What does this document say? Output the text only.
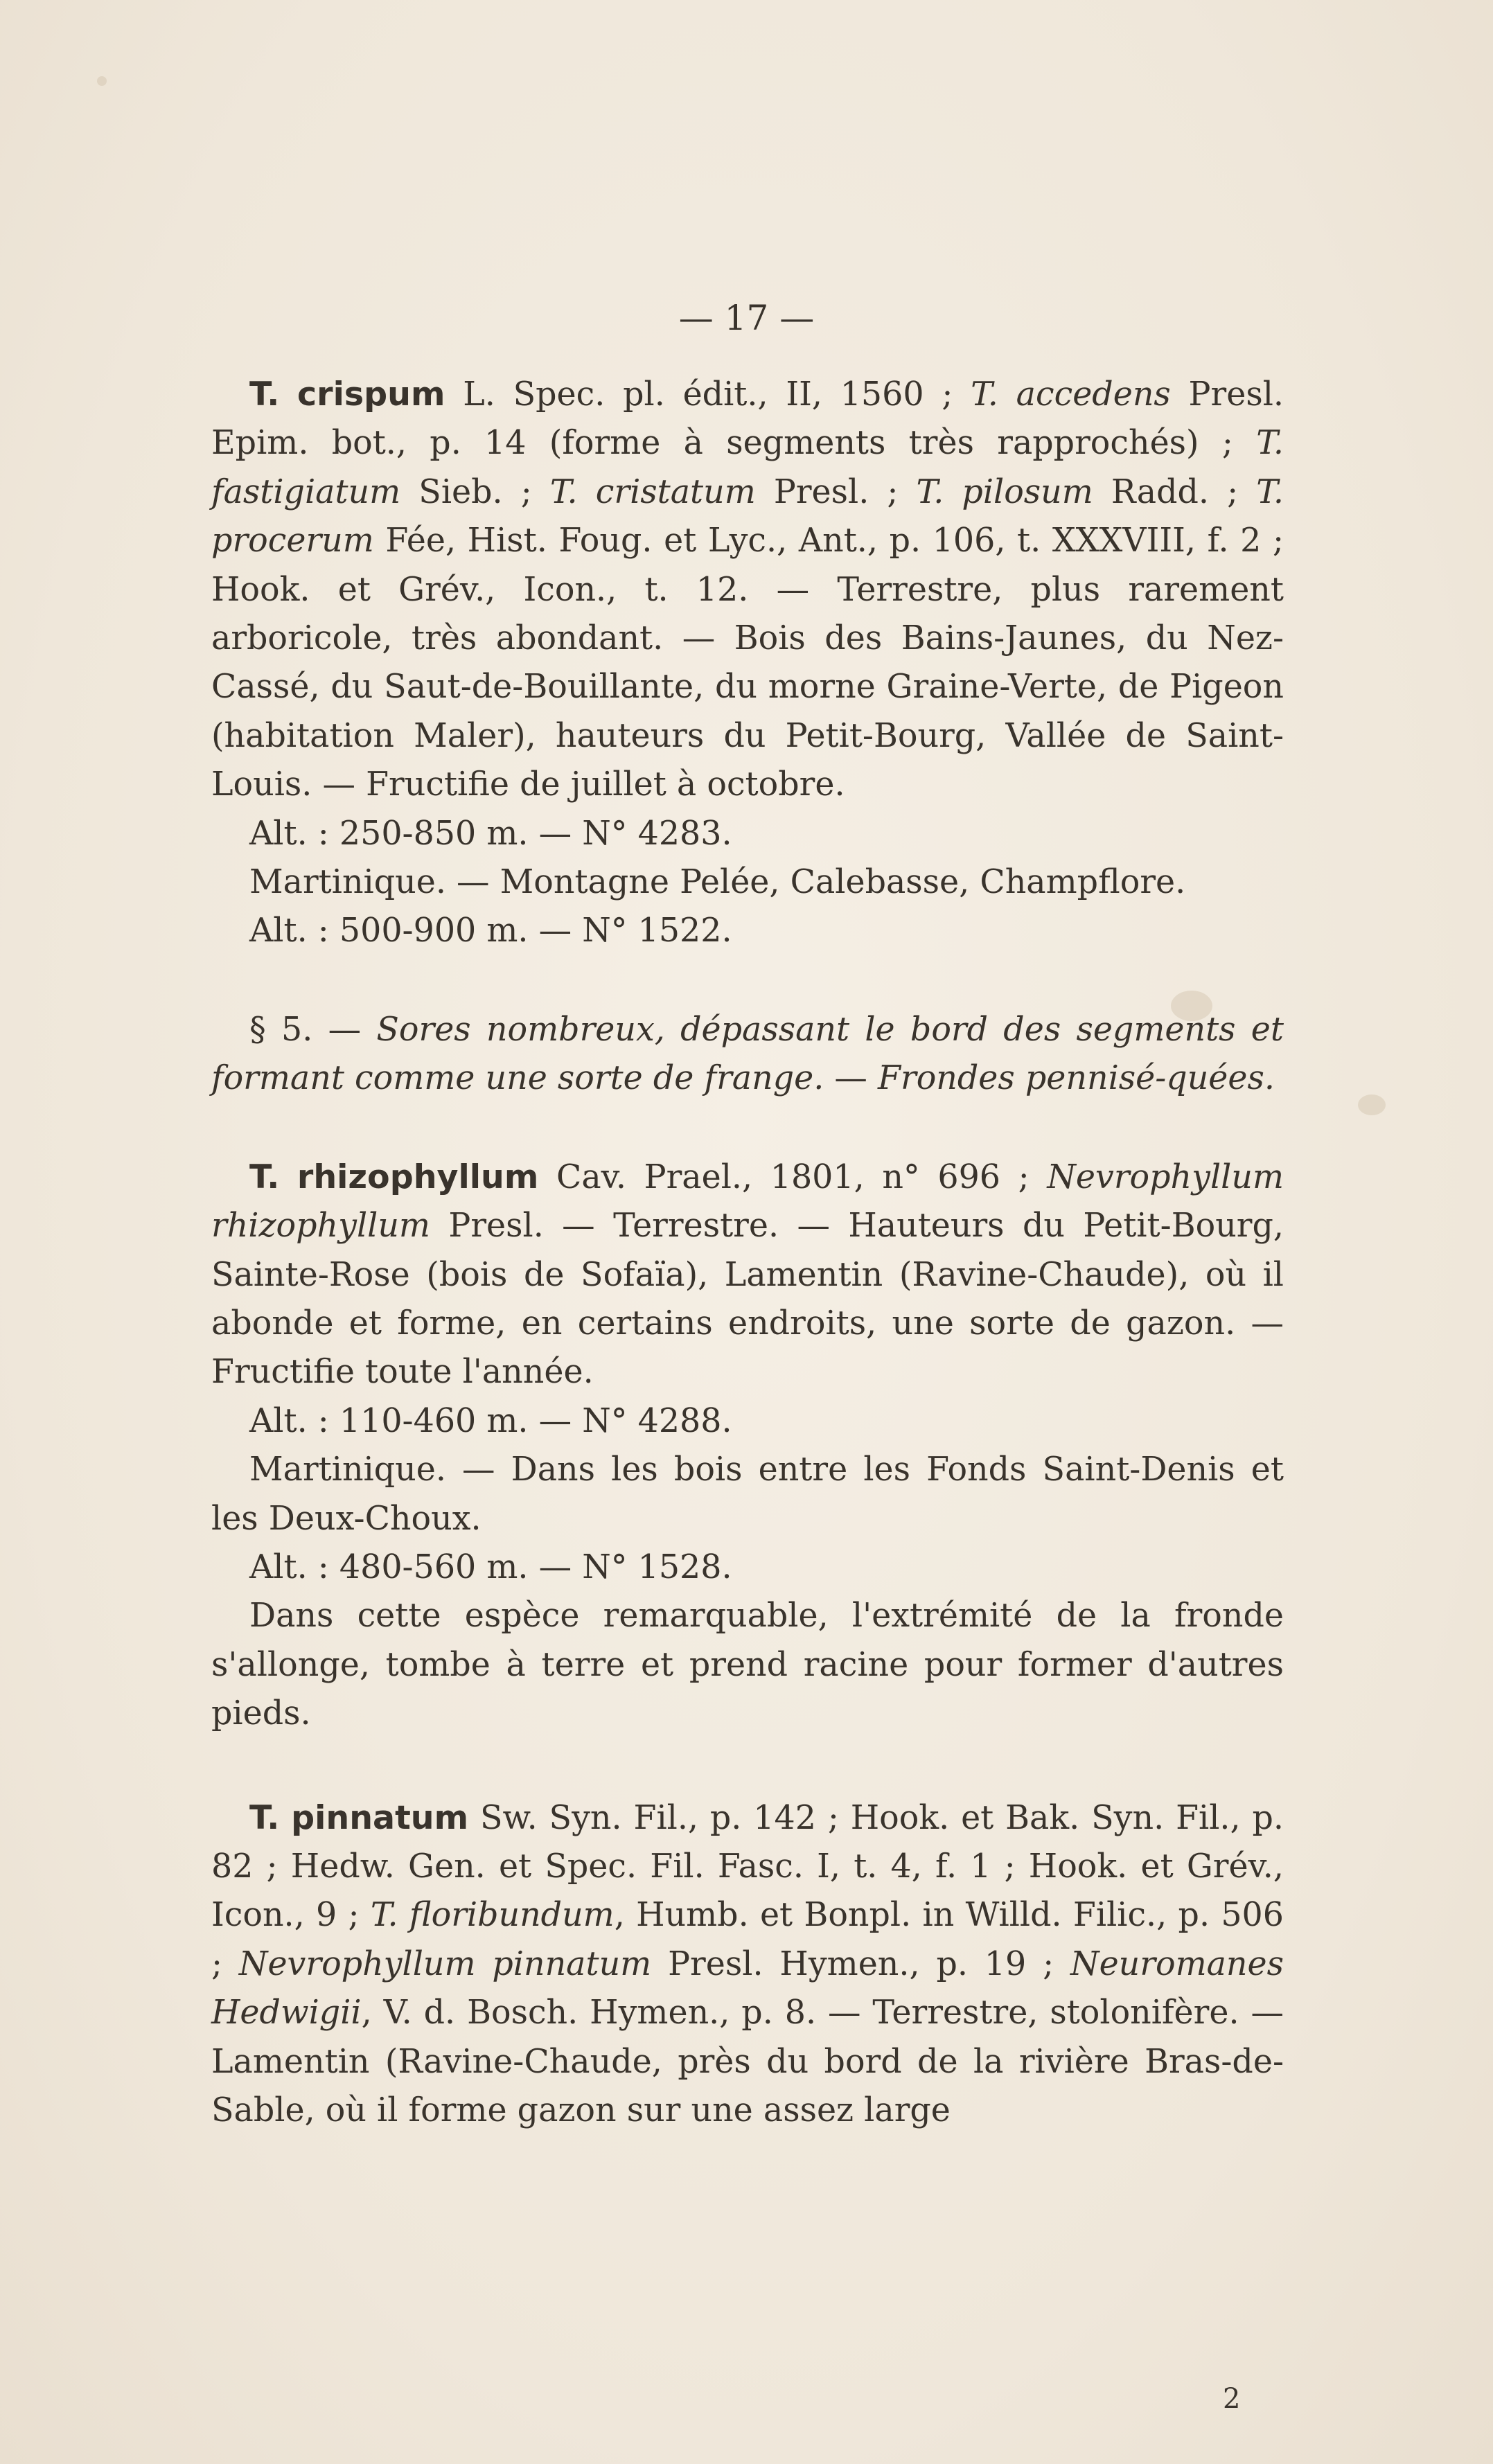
— 17 —

T. crispum L. Spec. pl. édit., II, 1560 ; T. accedens Presl. Epim. bot., p. 14 (forme à segments très rapprochés) ; T. fastigiatum Sieb. ; T. cristatum Presl. ; T. pilosum Radd. ; T. procerum Fée, Hist. Foug. et Lyc., Ant., p. 106, t. XXXVIII, f. 2 ; Hook. et Grév., Icon., t. 12. — Terrestre, plus rarement arboricole, très abondant. — Bois des Bains-Jaunes, du Nez-Cassé, du Saut-de-Bouillante, du morne Graine-Verte, de Pigeon (habitation Maler), hauteurs du Petit-Bourg, Vallée de Saint-Louis. — Fructifie de juillet à octobre.

Alt. : 250-850 m. — N° 4283.

Martinique. — Montagne Pelée, Calebasse, Champflore.

Alt. : 500-900 m. — N° 1522.

§ 5. — Sores nombreux, dépassant le bord des segments et formant comme une sorte de frange. — Frondes pennisé-quées.

T. rhizophyllum Cav. Prael., 1801, n° 696 ; Nevrophyllum rhizophyllum Presl. — Terrestre. — Hauteurs du Petit-Bourg, Sainte-Rose (bois de Sofaïa), Lamentin (Ravine-Chaude), où il abonde et forme, en certains endroits, une sorte de gazon. — Fructifie toute l'année.

Alt. : 110-460 m. — N° 4288.

Martinique. — Dans les bois entre les Fonds Saint-Denis et les Deux-Choux.

Alt. : 480-560 m. — N° 1528.

Dans cette espèce remarquable, l'extrémité de la fronde s'allonge, tombe à terre et prend racine pour former d'autres pieds.

T. pinnatum Sw. Syn. Fil., p. 142 ; Hook. et Bak. Syn. Fil., p. 82 ; Hedw. Gen. et Spec. Fil. Fasc. I, t. 4, f. 1 ; Hook. et Grév., Icon., 9 ; T. floribundum, Humb. et Bonpl. in Willd. Filic., p. 506 ; Nevrophyllum pinnatum Presl. Hymen., p. 19 ; Neuromanes Hedwigii, V. d. Bosch. Hymen., p. 8. — Terrestre, stolonifère. — Lamentin (Ravine-Chaude, près du bord de la rivière Bras-de-Sable, où il forme gazon sur une assez large

2
